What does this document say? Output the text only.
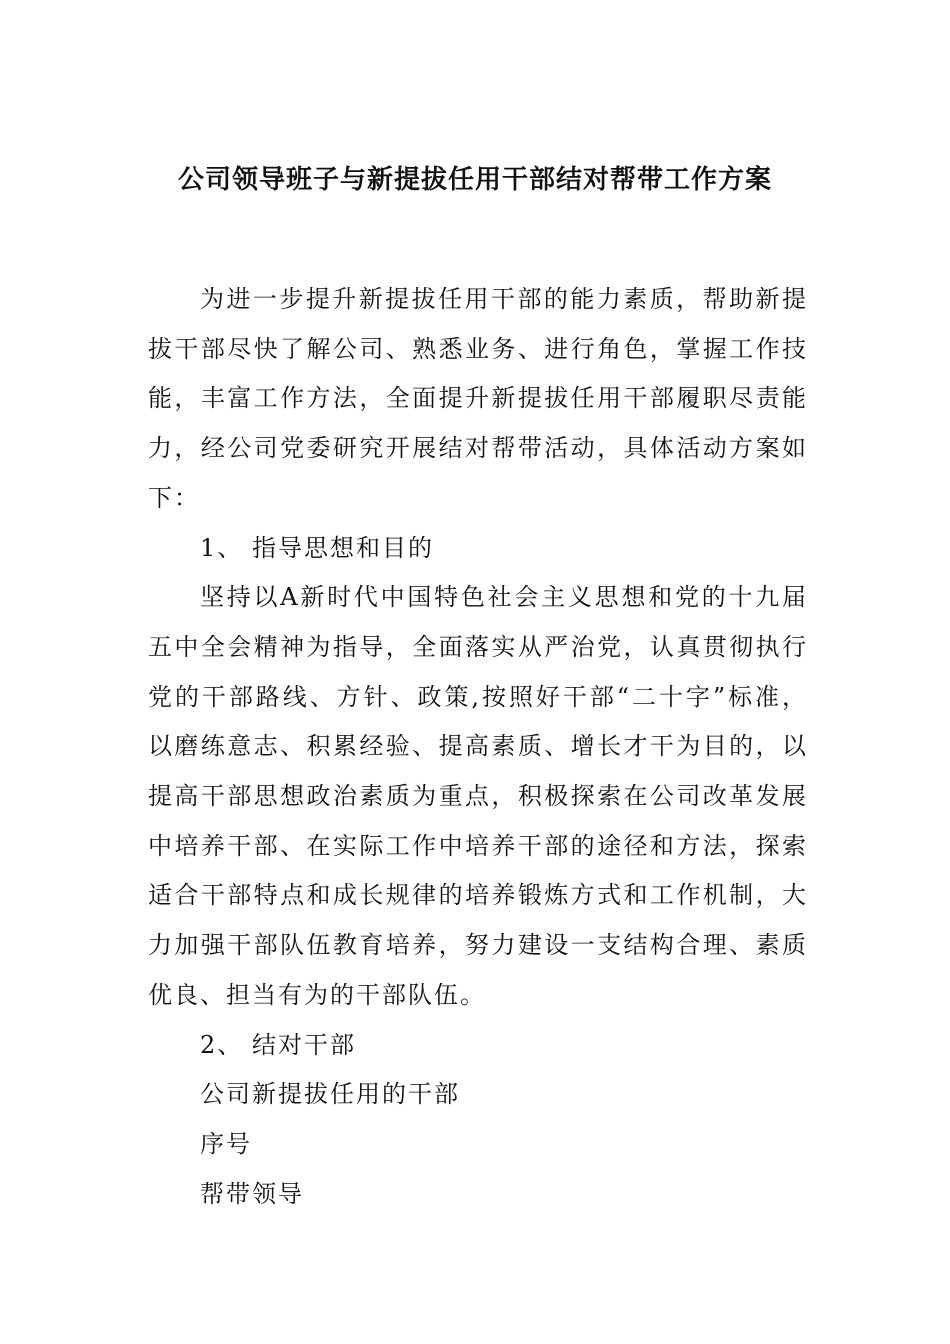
公司领导班子与新提拔任用干部结对帮带工作方案

为进一步提升新提拔任用干部的能力素质，帮助新提拔干部尽快了解公司、熟悉业务、进行角色，掌握工作技能，丰富工作方法，全面提升新提拔任用干部履职尽责能力，经公司党委研究开展结对帮带活动，具体活动方案如下：

1、 指导思想和目的

坚持以A新时代中国特色社会主义思想和党的十九届五中全会精神为指导，全面落实从严治党，认真贯彻执行党的干部路线、方针、政策,按照好干部“二十字”标准，以磨练意志、积累经验、提高素质、增长才干为目的，以提高干部思想政治素质为重点，积极探索在公司改革发展中培养干部、在实际工作中培养干部的途径和方法，探索适合干部特点和成长规律的培养锻炼方式和工作机制，大力加强干部队伍教育培养，努力建设一支结构合理、素质优良、担当有为的干部队伍。

2、 结对干部

公司新提拔任用的干部

序号

帮带领导
